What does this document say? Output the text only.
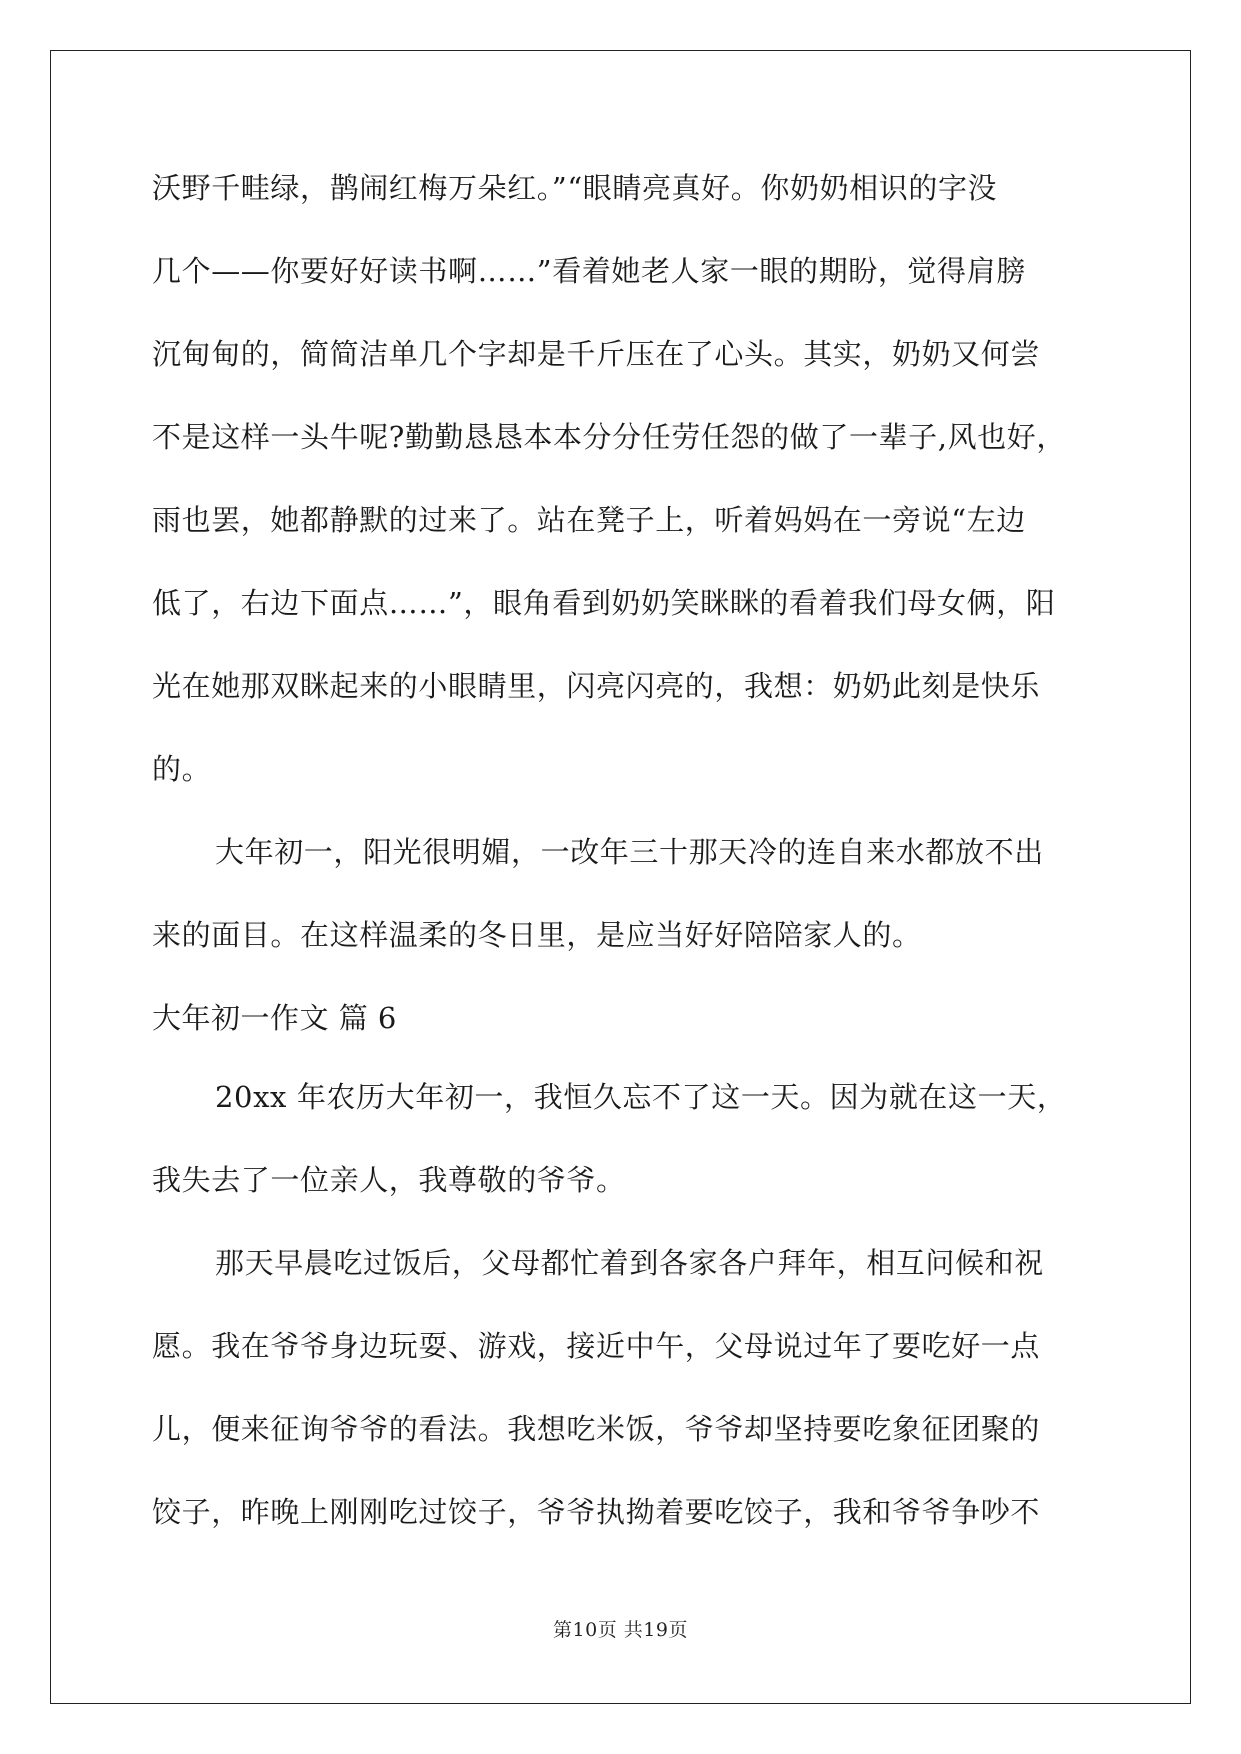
沃野千畦绿，鹊闹红梅万朵红。”“眼睛亮真好。你奶奶相识的字没
几个——你要好好读书啊……”看着她老人家一眼的期盼，觉得肩膀
沉甸甸的，简简洁单几个字却是千斤压在了心头。其实，奶奶又何尝
不是这样一头牛呢?勤勤恳恳本本分分任劳任怨的做了一辈子,风也好，
雨也罢，她都静默的过来了。站在凳子上，听着妈妈在一旁说“左边
低了，右边下面点……”，眼角看到奶奶笑眯眯的看着我们母女俩，阳
光在她那双眯起来的小眼睛里，闪亮闪亮的，我想：奶奶此刻是快乐
的。
大年初一，阳光很明媚，一改年三十那天冷的连自来水都放不出
来的面目。在这样温柔的冬日里，是应当好好陪陪家人的。
大年初一作文 篇 6
20xx 年农历大年初一，我恒久忘不了这一天。因为就在这一天，
我失去了一位亲人，我尊敬的爷爷。
那天早晨吃过饭后，父母都忙着到各家各户拜年，相互问候和祝
愿。我在爷爷身边玩耍、游戏，接近中午，父母说过年了要吃好一点
儿，便来征询爷爷的看法。我想吃米饭，爷爷却坚持要吃象征团聚的
饺子，昨晚上刚刚吃过饺子，爷爷执拗着要吃饺子，我和爷爷争吵不
第10页 共19页
